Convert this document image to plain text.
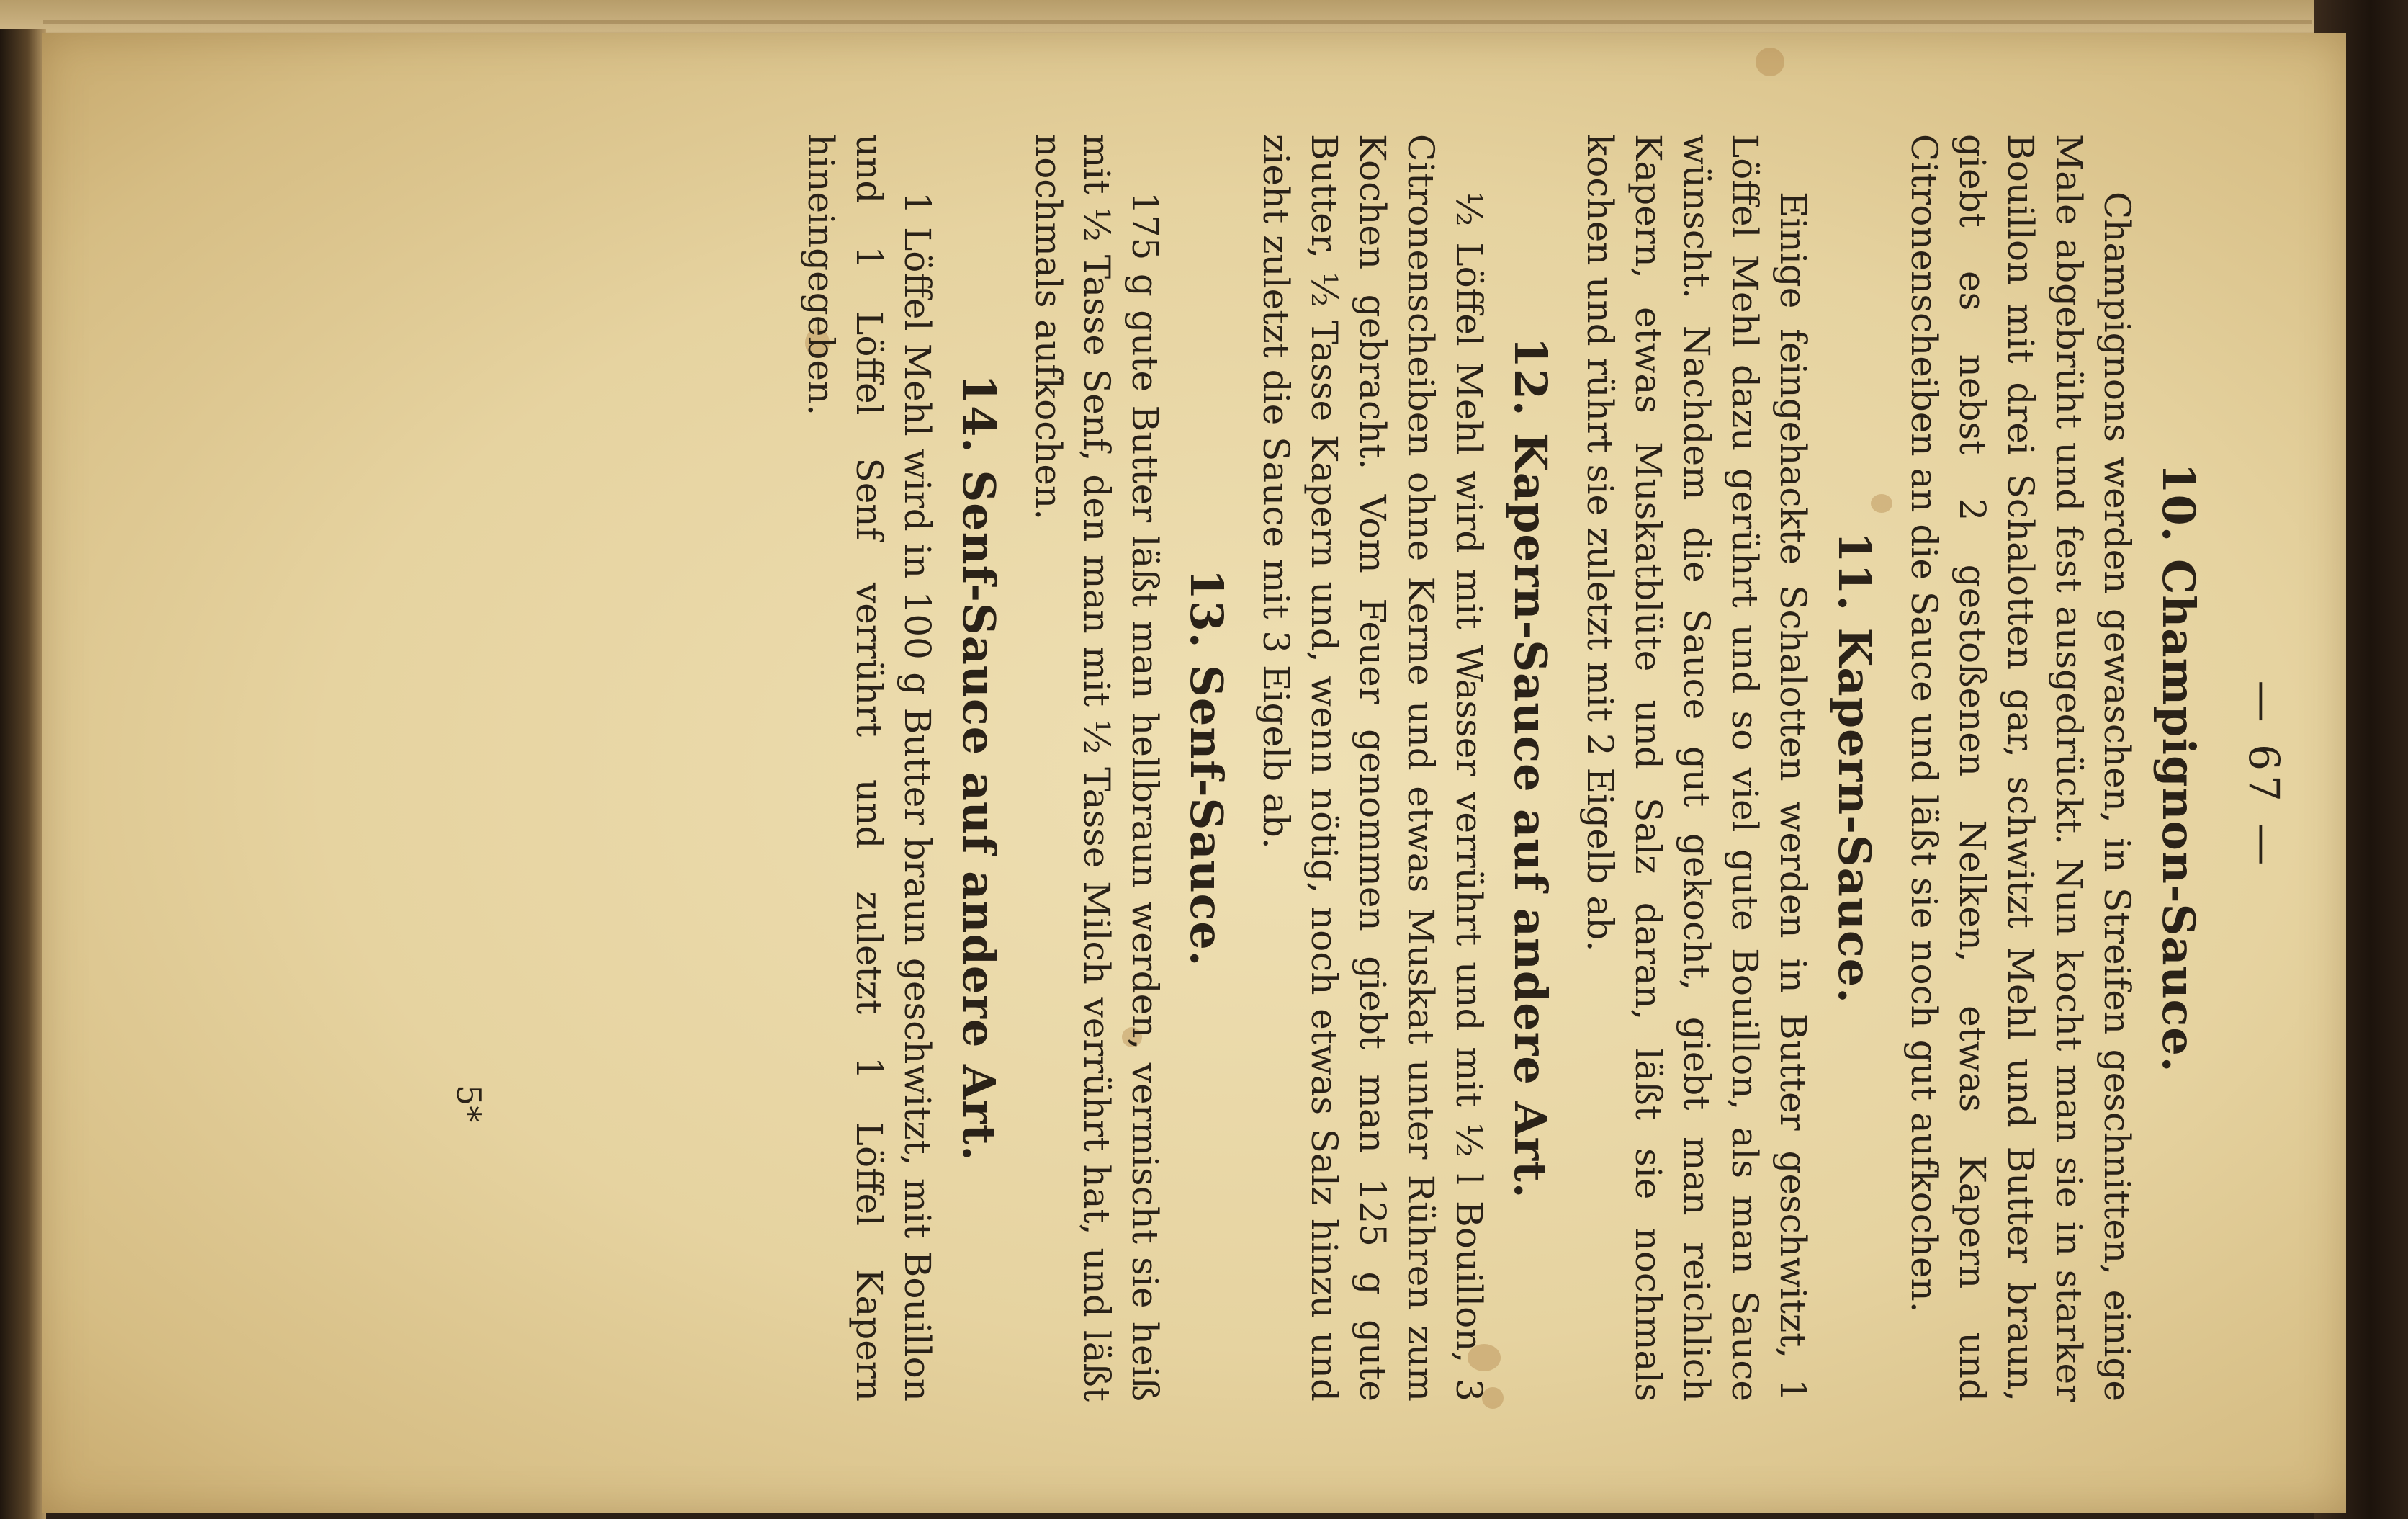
— 67 —
10. Champignon-Sauce.

Champignons werden gewaschen, in Streifen geschnitten, einige Male abgebrüht und fest ausgedrückt. Nun kocht man sie in starker Bouillon mit drei Schalotten gar, schwitzt Mehl und Butter braun, giebt es nebst 2 gestoßenen Nelken, etwas Kapern und Citronenscheiben an die Sauce und läßt sie noch gut aufkochen.

11. Kapern-Sauce.

Einige feingehackte Schalotten werden in Butter geschwitzt, 1 Löffel Mehl dazu gerührt und so viel gute Bouillon, als man Sauce wünscht. Nachdem die Sauce gut gekocht, giebt man reichlich Kapern, etwas Muskatblüte und Salz daran, läßt sie nochmals kochen und rührt sie zuletzt mit 2 Eigelb ab.

12. Kapern-Sauce auf andere Art.

½ Löffel Mehl wird mit Wasser verrührt und mit ½ l Bouillon, 3 Citronenscheiben ohne Kerne und etwas Muskat unter Rühren zum Kochen gebracht. Vom Feuer genommen giebt man 125 g gute Butter, ½ Tasse Kapern und, wenn nötig, noch etwas Salz hinzu und zieht zuletzt die Sauce mit 3 Eigelb ab.

13. Senf-Sauce.

175 g gute Butter läßt man hellbraun werden, vermischt sie heiß mit ½ Tasse Senf, den man mit ½ Tasse Milch verrührt hat, und läßt nochmals aufkochen.

14. Senf-Sauce auf andere Art.

1 Löffel Mehl wird in 100 g Butter braun geschwitzt, mit Bouillon und 1 Löffel Senf verrührt und zuletzt 1 Löffel Kapern hineingegeben.

5*
